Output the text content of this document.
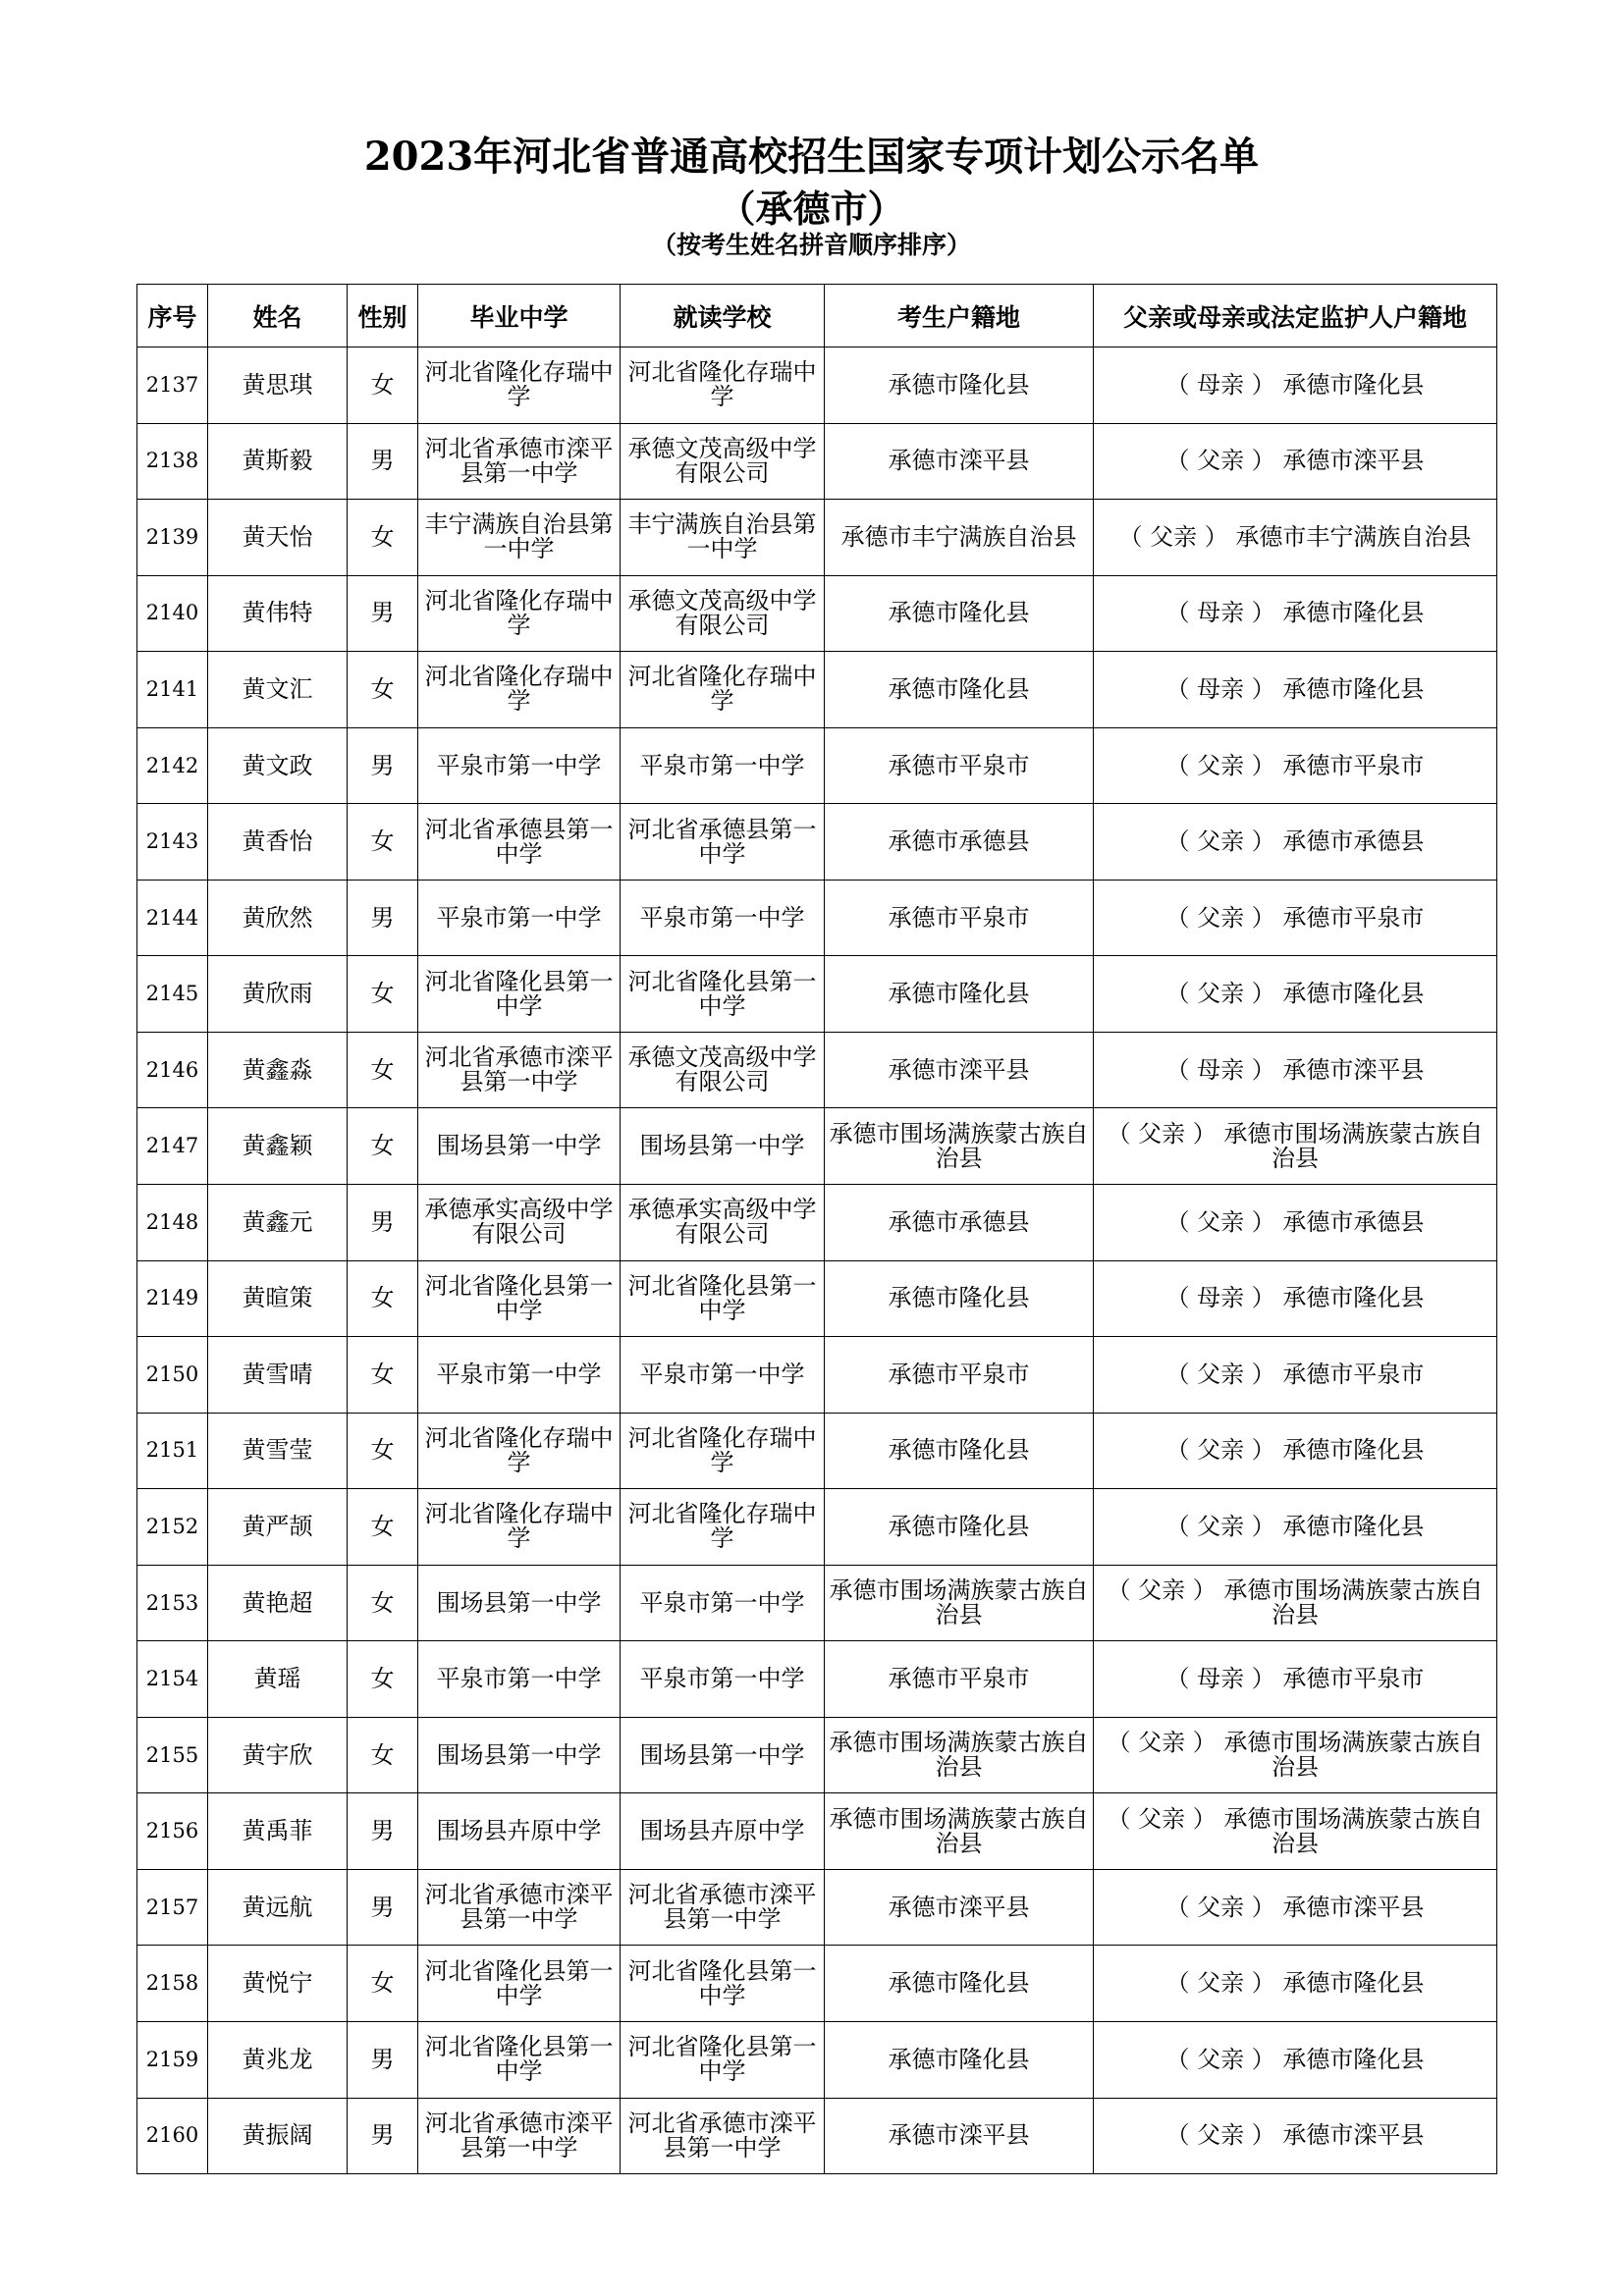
2023年河北省普通高校招生国家专项计划公示名单
（承德市）
（按考生姓名拼音顺序排序）
序号	姓名	性别	毕业中学	就读学校	考生户籍地	父亲或母亲或法定监护人户籍地
2137	黄思琪	女	河北省隆化存瑞中学	河北省隆化存瑞中学	承德市隆化县	（ 母亲 ） 承德市隆化县
2138	黄斯毅	男	河北省承德市滦平县第一中学	承德文茂高级中学有限公司	承德市滦平县	（ 父亲 ） 承德市滦平县
2139	黄天怡	女	丰宁满族自治县第一中学	丰宁满族自治县第一中学	承德市丰宁满族自治县	（ 父亲 ） 承德市丰宁满族自治县
2140	黄伟特	男	河北省隆化存瑞中学	承德文茂高级中学有限公司	承德市隆化县	（ 母亲 ） 承德市隆化县
2141	黄文汇	女	河北省隆化存瑞中学	河北省隆化存瑞中学	承德市隆化县	（ 母亲 ） 承德市隆化县
2142	黄文政	男	平泉市第一中学	平泉市第一中学	承德市平泉市	（ 父亲 ） 承德市平泉市
2143	黄香怡	女	河北省承德县第一中学	河北省承德县第一中学	承德市承德县	（ 父亲 ） 承德市承德县
2144	黄欣然	男	平泉市第一中学	平泉市第一中学	承德市平泉市	（ 父亲 ） 承德市平泉市
2145	黄欣雨	女	河北省隆化县第一中学	河北省隆化县第一中学	承德市隆化县	（ 父亲 ） 承德市隆化县
2146	黄鑫淼	女	河北省承德市滦平县第一中学	承德文茂高级中学有限公司	承德市滦平县	（ 母亲 ） 承德市滦平县
2147	黄鑫颖	女	围场县第一中学	围场县第一中学	承德市围场满族蒙古族自治县	（ 父亲 ） 承德市围场满族蒙古族自治县
2148	黄鑫元	男	承德承实高级中学有限公司	承德承实高级中学有限公司	承德市承德县	（ 父亲 ） 承德市承德县
2149	黄暄策	女	河北省隆化县第一中学	河北省隆化县第一中学	承德市隆化县	（ 母亲 ） 承德市隆化县
2150	黄雪晴	女	平泉市第一中学	平泉市第一中学	承德市平泉市	（ 父亲 ） 承德市平泉市
2151	黄雪莹	女	河北省隆化存瑞中学	河北省隆化存瑞中学	承德市隆化县	（ 父亲 ） 承德市隆化县
2152	黄严颉	女	河北省隆化存瑞中学	河北省隆化存瑞中学	承德市隆化县	（ 父亲 ） 承德市隆化县
2153	黄艳超	女	围场县第一中学	平泉市第一中学	承德市围场满族蒙古族自治县	（ 父亲 ） 承德市围场满族蒙古族自治县
2154	黄瑶	女	平泉市第一中学	平泉市第一中学	承德市平泉市	（ 母亲 ） 承德市平泉市
2155	黄宇欣	女	围场县第一中学	围场县第一中学	承德市围场满族蒙古族自治县	（ 父亲 ） 承德市围场满族蒙古族自治县
2156	黄禹菲	男	围场县卉原中学	围场县卉原中学	承德市围场满族蒙古族自治县	（ 父亲 ） 承德市围场满族蒙古族自治县
2157	黄远航	男	河北省承德市滦平县第一中学	河北省承德市滦平县第一中学	承德市滦平县	（ 父亲 ） 承德市滦平县
2158	黄悦宁	女	河北省隆化县第一中学	河北省隆化县第一中学	承德市隆化县	（ 父亲 ） 承德市隆化县
2159	黄兆龙	男	河北省隆化县第一中学	河北省隆化县第一中学	承德市隆化县	（ 父亲 ） 承德市隆化县
2160	黄振阔	男	河北省承德市滦平县第一中学	河北省承德市滦平县第一中学	承德市滦平县	（ 父亲 ） 承德市滦平县
